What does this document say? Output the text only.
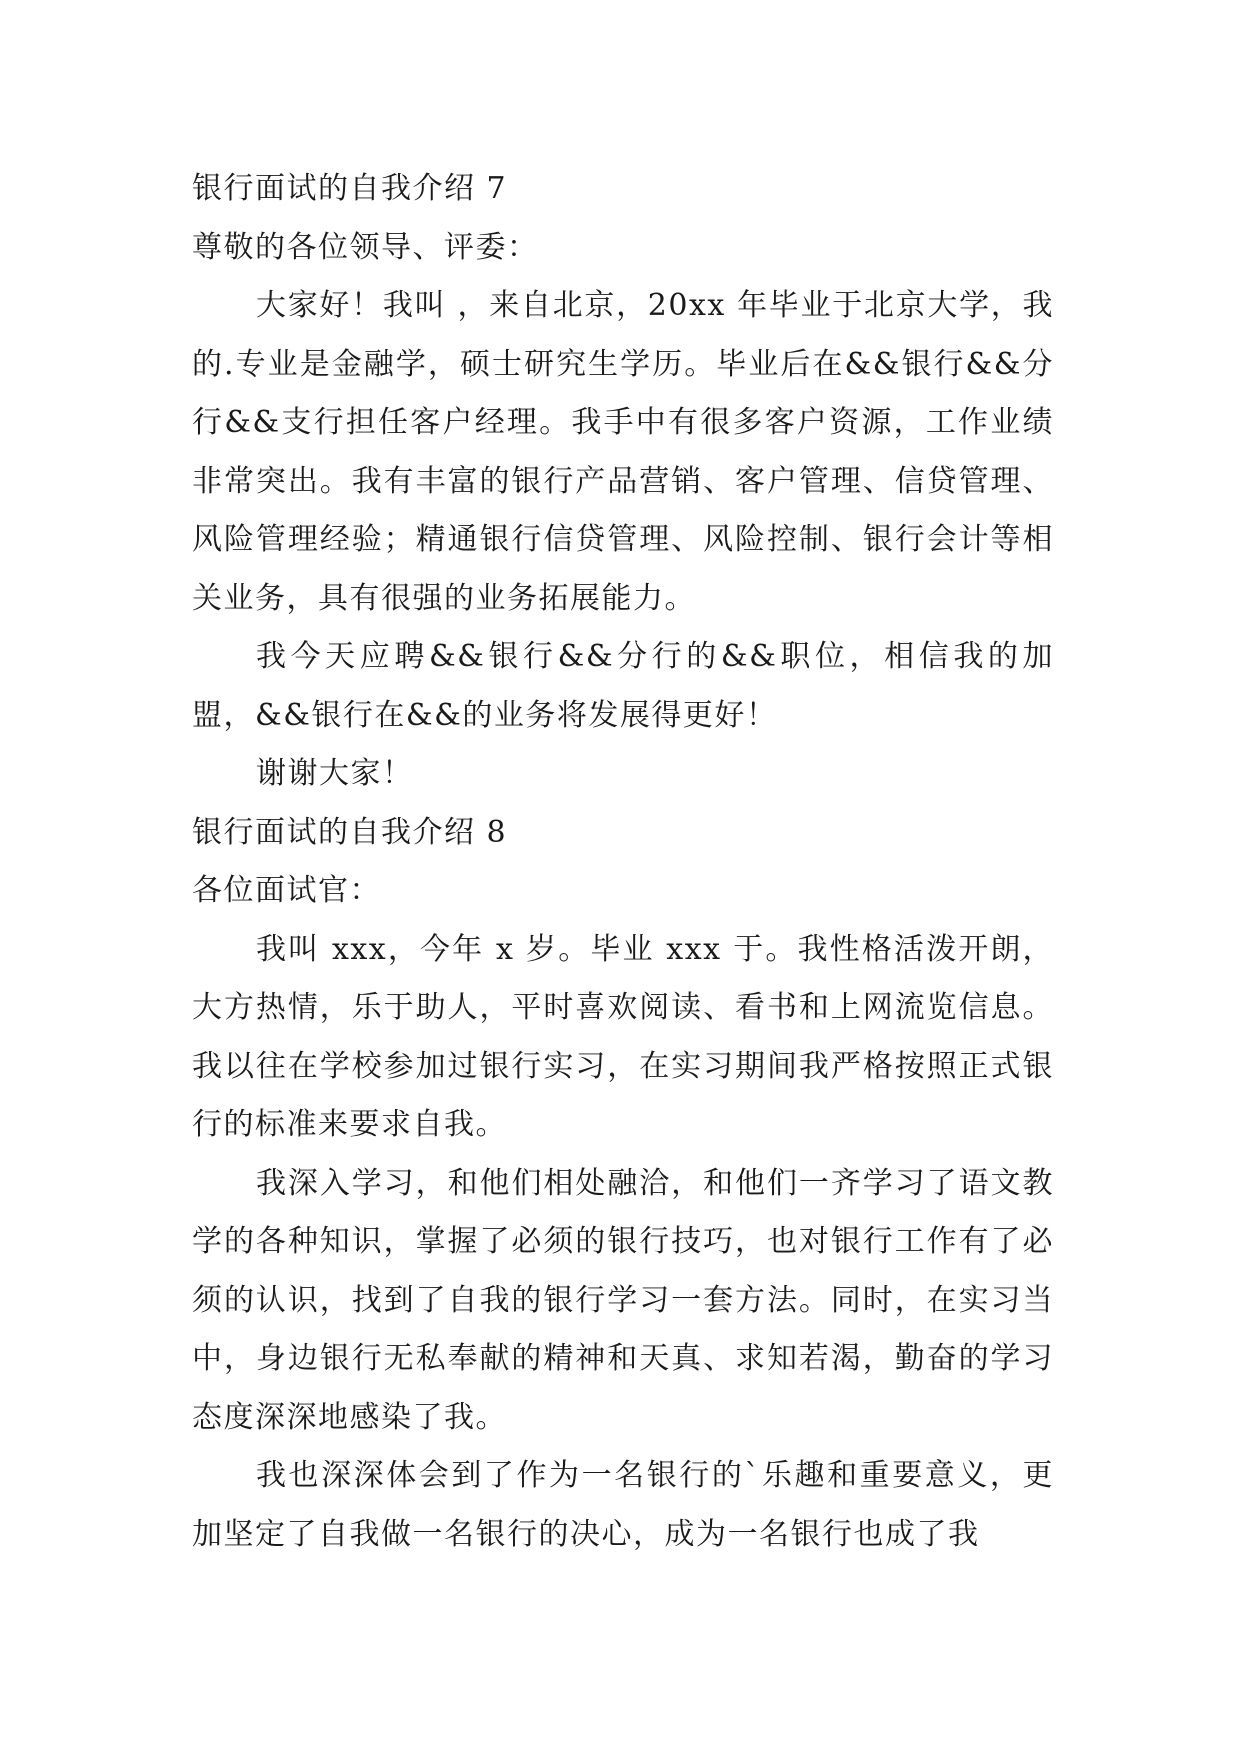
银行面试的自我介绍 7
尊敬的各位领导、评委：

大家好！我叫 ，来自北京，20xx 年毕业于北京大学，我的.专业是金融学，硕士研究生学历。毕业后在&&银行&&分行&&支行担任客户经理。我手中有很多客户资源，工作业绩非常突出。我有丰富的银行产品营销、客户管理、信贷管理、风险管理经验；精通银行信贷管理、风险控制、银行会计等相关业务，具有很强的业务拓展能力。

我今天应聘&&银行&&分行的&&职位，相信我的加盟，&&银行在&&的业务将发展得更好！

谢谢大家！

银行面试的自我介绍 8
各位面试官：

我叫 xxx，今年 x 岁。毕业 xxx 于。我性格活泼开朗，大方热情，乐于助人，平时喜欢阅读、看书和上网流览信息。我以往在学校参加过银行实习，在实习期间我严格按照正式银行的标准来要求自我。

我深入学习，和他们相处融洽，和他们一齐学习了语文教学的各种知识，掌握了必须的银行技巧，也对银行工作有了必须的认识，找到了自我的银行学习一套方法。同时，在实习当中，身边银行无私奉献的精神和天真、求知若渴，勤奋的学习态度深深地感染了我。

我也深深体会到了作为一名银行的`乐趣和重要意义，更加坚定了自我做一名银行的决心，成为一名银行也成了我
